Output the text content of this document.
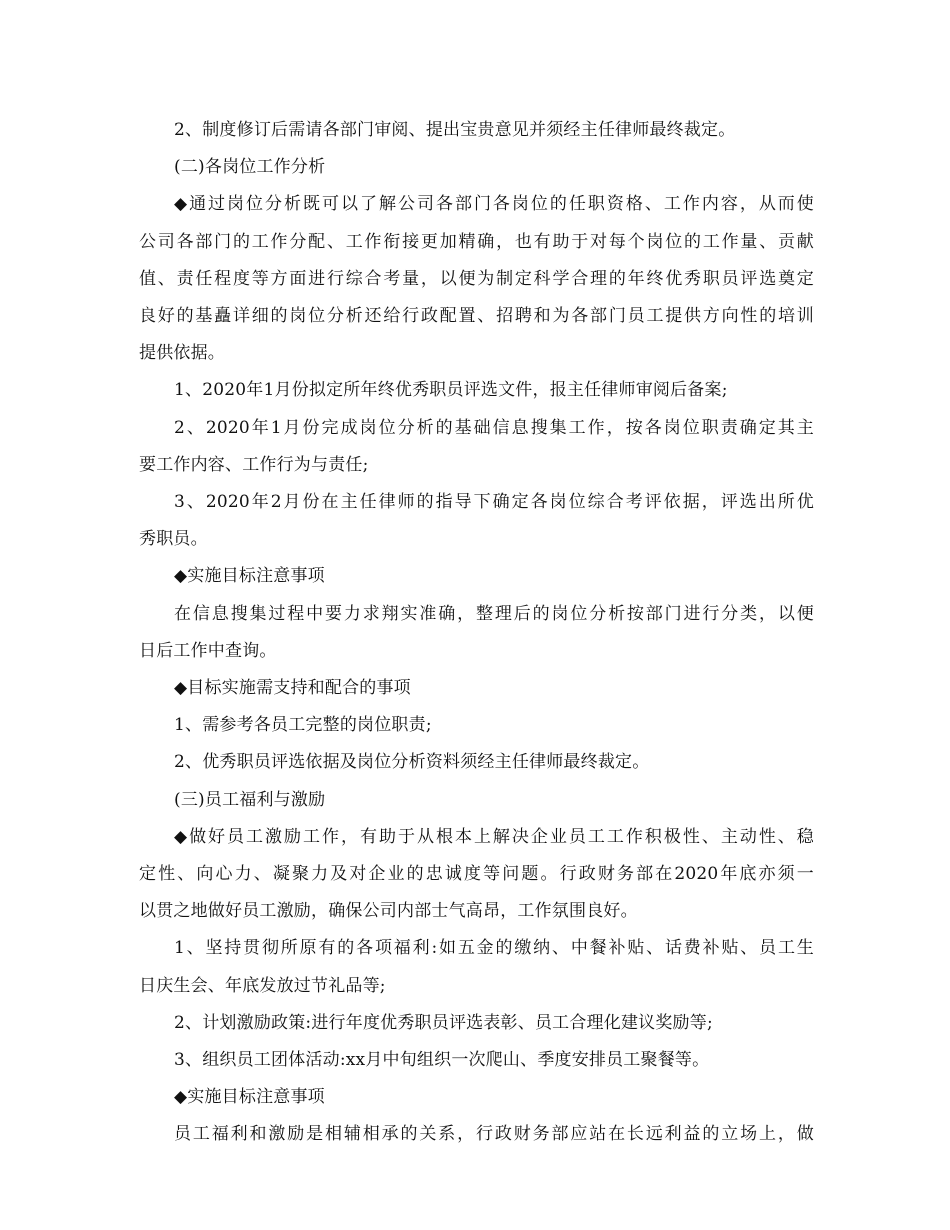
2、制度修订后需请各部门审阅、提出宝贵意见并须经主任律师最终裁定。

(二)各岗位工作分析

◆通过岗位分析既可以了解公司各部门各岗位的任职资格、工作内容，从而使

公司各部门的工作分配、工作衔接更加精确，也有助于对每个岗位的工作量、贡献

值、责任程度等方面进行综合考量，以便为制定科学合理的年终优秀职员评选奠定

良好的基矗详细的岗位分析还给行政配置、招聘和为各部门员工提供方向性的培训

提供依据。

1、2020年1月份拟定所年终优秀职员评选文件，报主任律师审阅后备案;

2、2020年1月份完成岗位分析的基础信息搜集工作，按各岗位职责确定其主

要工作内容、工作行为与责任;

3、2020年2月份在主任律师的指导下确定各岗位综合考评依据，评选出所优

秀职员。

◆实施目标注意事项

在信息搜集过程中要力求翔实准确，整理后的岗位分析按部门进行分类，以便

日后工作中查询。

◆目标实施需支持和配合的事项

1、需参考各员工完整的岗位职责;

2、优秀职员评选依据及岗位分析资料须经主任律师最终裁定。

(三)员工福利与激励

◆做好员工激励工作，有助于从根本上解决企业员工工作积极性、主动性、稳

定性、向心力、凝聚力及对企业的忠诚度等问题。行政财务部在2020年底亦须一

以贯之地做好员工激励，确保公司内部士气高昂，工作氛围良好。

1、坚持贯彻所原有的各项福利:如五金的缴纳、中餐补贴、话费补贴、员工生

日庆生会、年底发放过节礼品等;

2、计划激励政策:进行年度优秀职员评选表彰、员工合理化建议奖励等;

3、组织员工团体活动:xx月中旬组织一次爬山、季度安排员工聚餐等。

◆实施目标注意事项

员工福利和激励是相辅相承的关系，行政财务部应站在长远利益的立场上，做
